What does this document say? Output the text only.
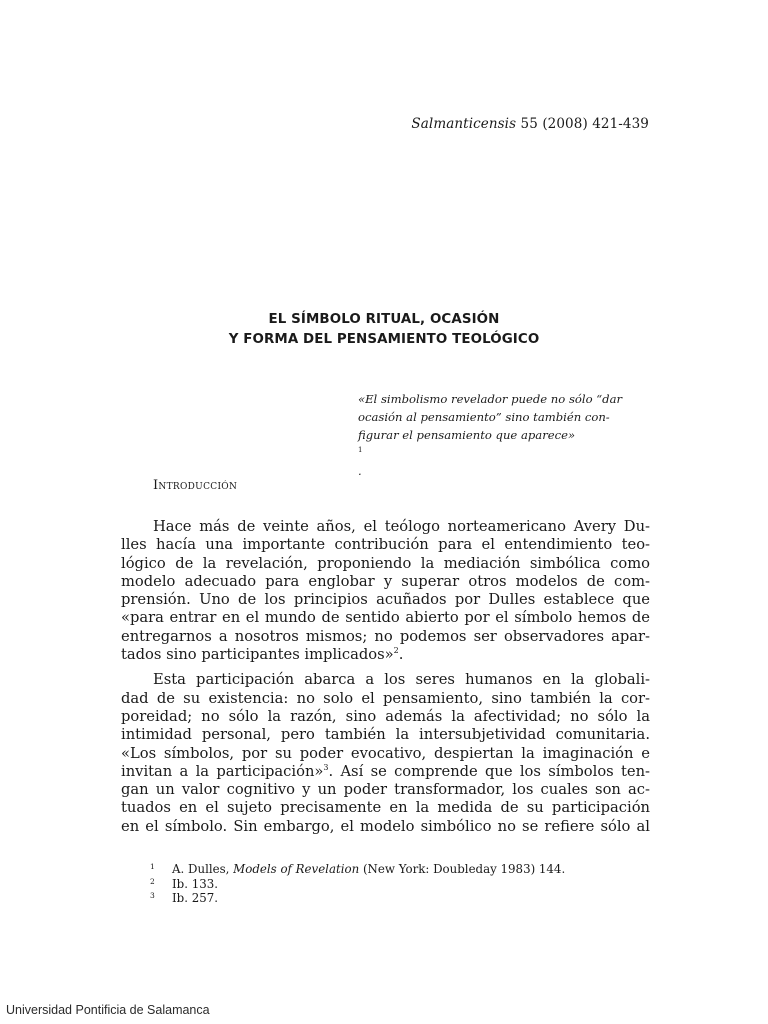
Salmanticensis 55 (2008) 421-439
EL SÍMBOLO RITUAL, OCASIÓN
Y FORMA DEL PENSAMIENTO TEOLÓGICO
«El simbolismo revelador puede no sólo “dar
ocasión al pensamiento” sino también con-
figurar el pensamiento que aparece»
$^1$
.
Introducción
Hace más de veinte años, el teólogo norteamericano Avery Du-
lles hacía una importante contribución para el entendimiento teo-
lógico de la revelación, proponiendo la mediación simbólica como
modelo adecuado para englobar y superar otros modelos de com-
prensión. Uno de los principios acuñados por Dulles establece que
«para entrar en el mundo de sentido abierto por el símbolo hemos de
entregarnos a nosotros mismos; no podemos ser observadores apar-
tados sino participantes implicados»$^2$.
Esta participación abarca a los seres humanos en la globali-
dad de su existencia: no solo el pensamiento, sino también la cor-
poreidad; no sólo la razón, sino además la afectividad; no sólo la
intimidad personal, pero también la intersubjetividad comunitaria.
«Los símbolos, por su poder evocativo, despiertan la imaginación e
invitan a la participación»$^3$. Así se comprende que los símbolos ten-
gan un valor cognitivo y un poder transformador, los cuales son ac-
tuados en el sujeto precisamente en la medida de su participación
en el símbolo. Sin embargo, el modelo simbólico no se refiere sólo al
1 A. Dulles, Models of Revelation (New York: Doubleday 1983) 144.
2 Ib. 133.
3 Ib. 257.
Universidad Pontificia de Salamanca
